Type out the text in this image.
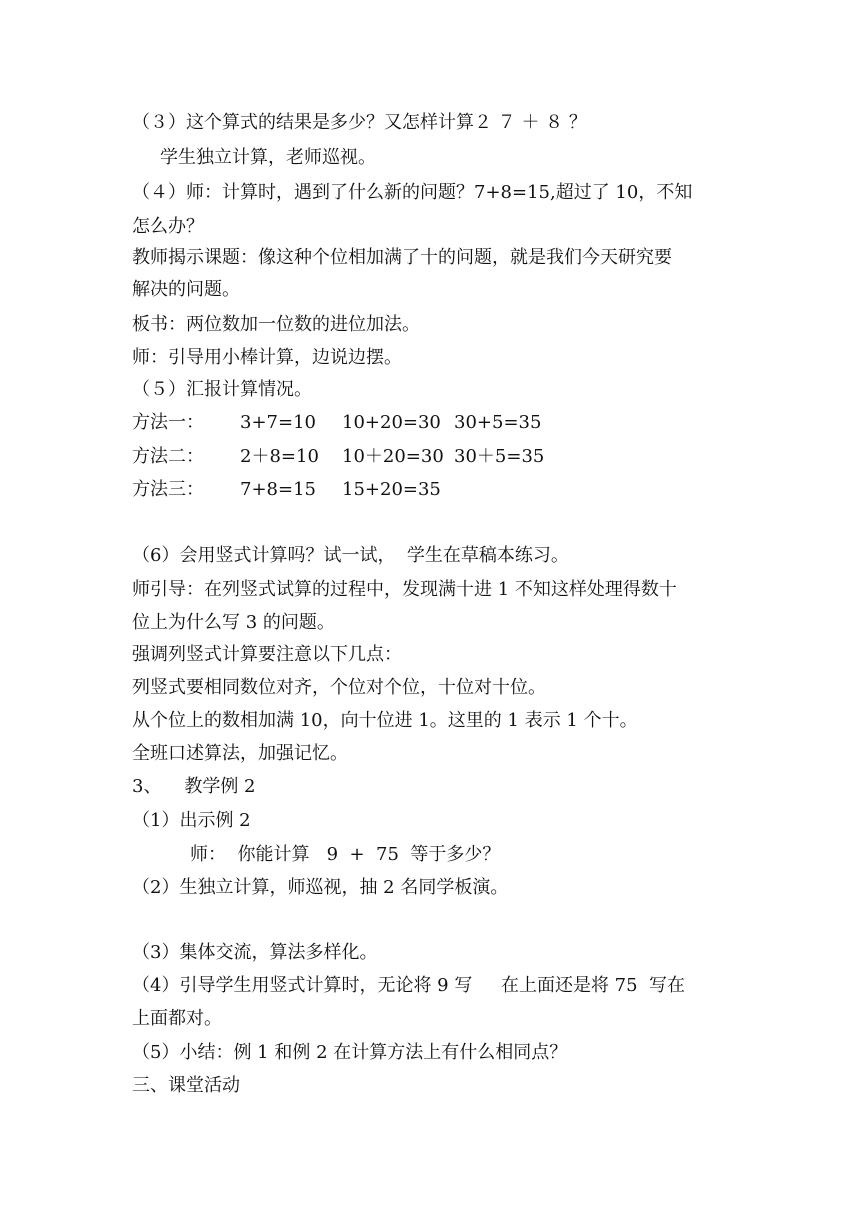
（３）这个算式的结果是多少？又怎样计算２ ７ ＋ ８ ？
学生独立计算，老师巡视。
（４）师：计算时，遇到了什么新的问题？7+8=15,超过了 10，不知
怎么办？
教师揭示课题：像这种个位相加满了十的问题，就是我们今天研究要
解决的问题。
板书：两位数加一位数的进位加法。
师：引导用小棒计算，边说边摆。
（５）汇报计算情况。
方法一： 3+7=10 10+20=30 30+5=35
方法二： 2＋8=10 10＋20=30 30＋5=35
方法三： 7+8=15 15+20=35
（6）会用竖式计算吗？试一试，  学生在草稿本练习。
师引导：在列竖式试算的过程中，发现满十进 1 不知这样处理得数十
位上为什么写 3 的问题。
强调列竖式计算要注意以下几点：
列竖式要相同数位对齐，个位对个位，十位对十位。
从个位上的数相加满 10，向十位进 1。这里的 1 表示 1 个十。
全班口述算法，加强记忆。
3、    教学例 2
（1）出示例 2
师：  你能计算   9  +  75  等于多少？
（2）生独立计算，师巡视，抽 2 名同学板演。
（3）集体交流，算法多样化。
（4）引导学生用竖式计算时，无论将 9 写     在上面还是将 75  写在
上面都对。
（5）小结：例 1 和例 2 在计算方法上有什么相同点？
三、课堂活动
